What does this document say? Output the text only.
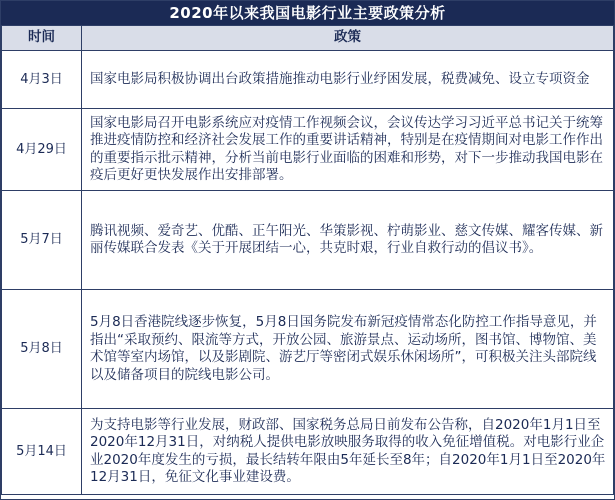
2020年以来我国电影行业主要政策分析
时间	政策
4月3日	国家电影局积极协调出台政策措施推动电影行业纾困发展，税费减免、设立专项资金
4月29日	国家电影局召开电影系统应对疫情工作视频会议，会议传达学习习近平总书记关于统筹推进疫情防控和经济社会发展工作的重要讲话精神，特别是在疫情期间对电影工作作出的重要指示批示精神，分析当前电影行业面临的困难和形势，对下一步推动我国电影在疫后更好更快发展作出安排部署。
5月7日	腾讯视频、爱奇艺、优酷、正午阳光、华策影视、柠萌影业、慈文传媒、耀客传媒、新丽传媒联合发表《关于开展团结一心，共克时艰，行业自救行动的倡议书》。
5月8日	5月8日香港院线逐步恢复，5月8日国务院发布新冠疫情常态化防控工作指导意见，并指出“采取预约、限流等方式，开放公园、旅游景点、运动场所，图书馆、博物馆、美术馆等室内场馆，以及影剧院、游艺厅等密闭式娱乐休闲场所”，可积极关注头部院线以及储备项目的院线电影公司。
5月14日	为支持电影等行业发展，财政部、国家税务总局日前发布公告称，自2020年1月1日至2020年12月31日，对纳税人提供电影放映服务取得的收入免征增值税。对电影行业企业2020年度发生的亏损，最长结转年限由5年延长至8年；自2020年1月1日至2020年12月31日，免征文化事业建设费。
